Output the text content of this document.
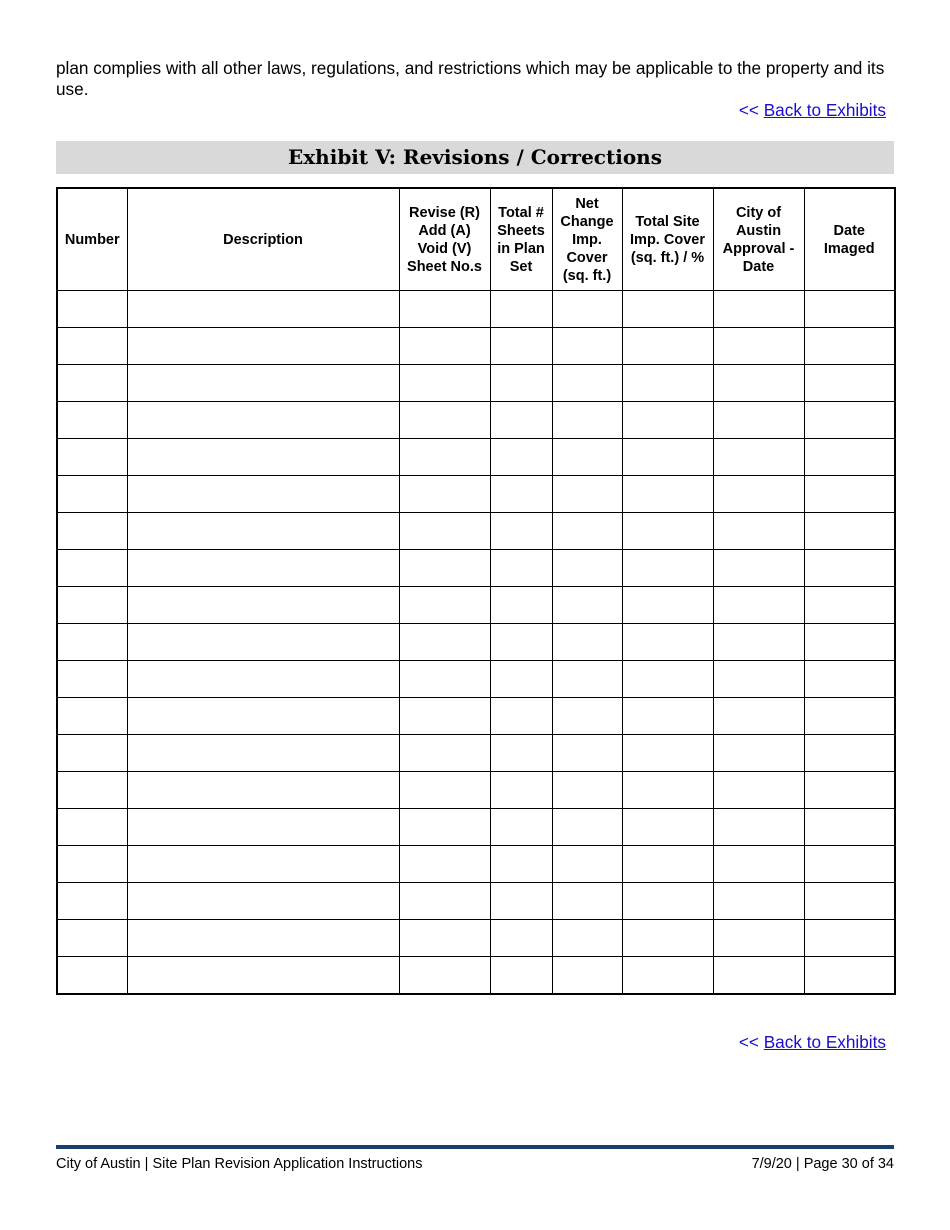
plan complies with all other laws, regulations, and restrictions which may be applicable to the property and its use.
<< Back to Exhibits
Exhibit V: Revisions / Corrections
Number	Description	Revise (R)
Add (A)
Void (V)
Sheet No.s	Total #
Sheets
in Plan
Set	Net
Change
Imp.
Cover
(sq. ft.)	Total Site
Imp. Cover
(sq. ft.) / %	City of
Austin
Approval -
Date	Date
Imaged

<< Back to Exhibits
City of Austin | Site Plan Revision Application Instructions	7/9/20 | Page 30 of 34
